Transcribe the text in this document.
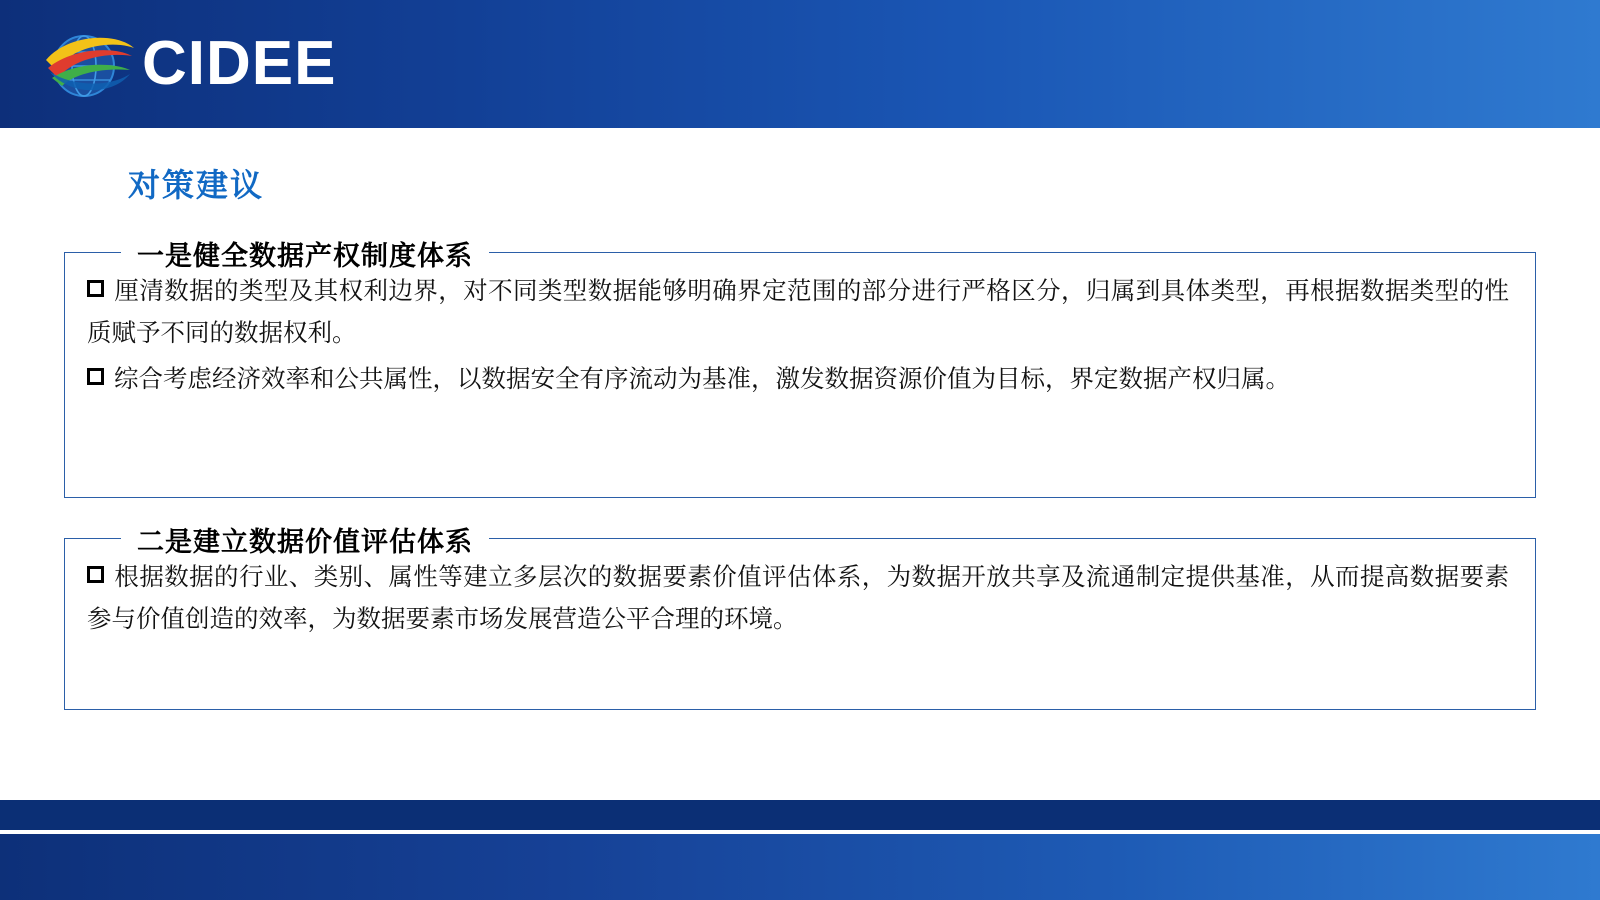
CIDEE
对策建议
一是健全数据产权制度体系

厘清数据的类型及其权利边界，对不同类型数据能够明确界定范围的部分进行严格区分，归属到具体类型，再根据数据类型的性质赋予不同的数据权利。

综合考虑经济效率和公共属性，以数据安全有序流动为基准，激发数据资源价值为目标，界定数据产权归属。

二是建立数据价值评估体系

根据数据的行业、类别、属性等建立多层次的数据要素价值评估体系，为数据开放共享及流通制定提供基准，从而提高数据要素参与价值创造的效率，为数据要素市场发展营造公平合理的环境。
